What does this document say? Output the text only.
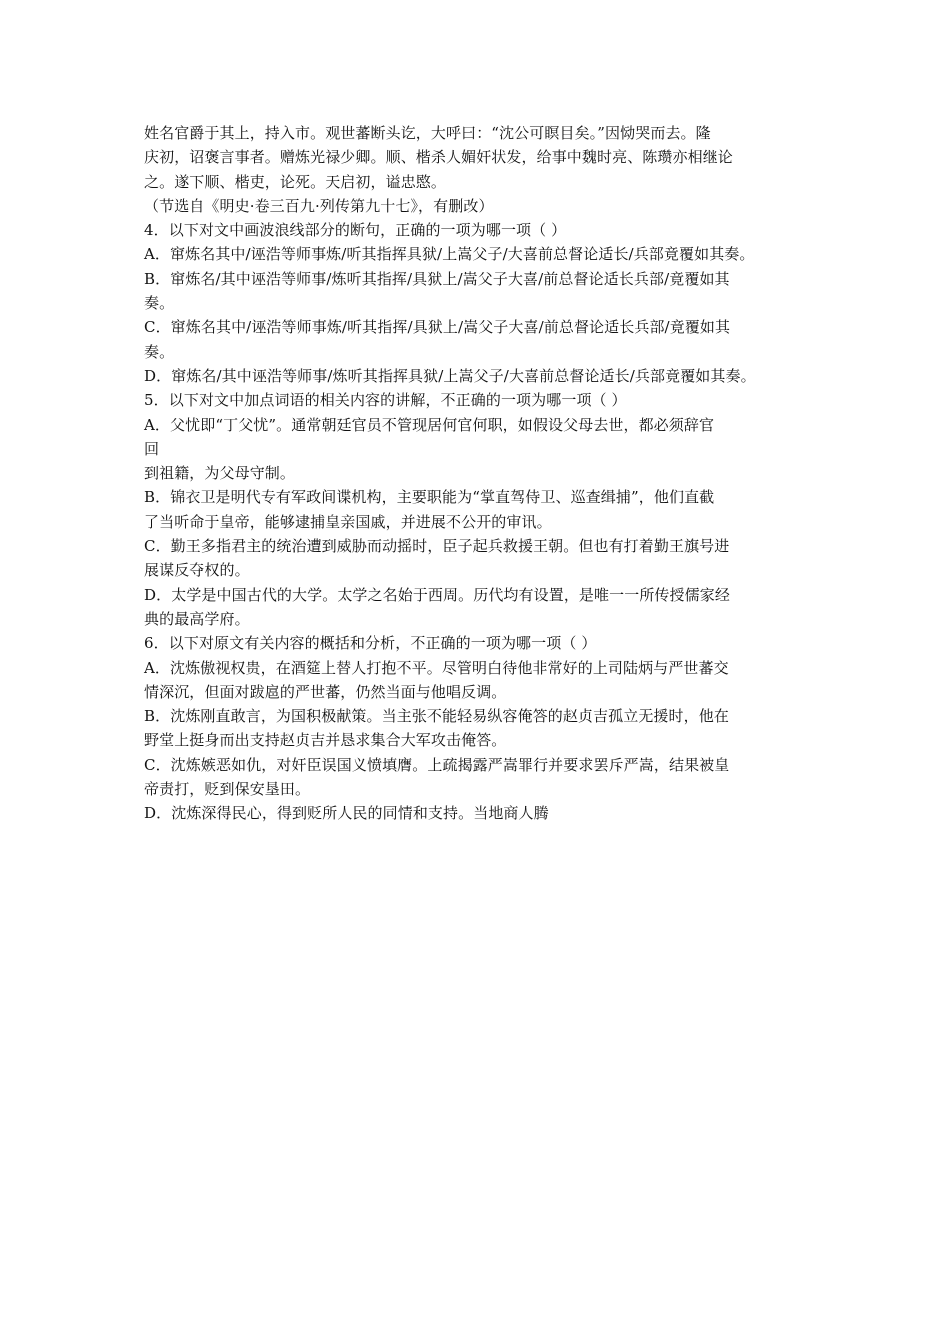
姓名官爵于其上，持入市。观世蕃断头讫，大呼曰：“沈公可瞑目矣。”因恸哭而去。隆
庆初，诏褒言事者。赠炼光禄少卿。顺、楷杀人媚奸状发，给事中魏时亮、陈瓒亦相继论
之。遂下顺、楷吏，论死。天启初，谥忠愍。
（节选自《明史·卷三百九·列传第九十七》，有删改）
4．以下对文中画波浪线部分的断句，正确的一项为哪一项（ ）
A．窜炼名其中/诬浩等师事炼/听其指挥具狱/上嵩父子/大喜前总督论适长/兵部竟覆如其奏。
B．窜炼名/其中诬浩等师事/炼听其指挥/具狱上/嵩父子大喜/前总督论适长兵部/竟覆如其
奏。
C．窜炼名其中/诬浩等师事炼/听其指挥/具狱上/嵩父子大喜/前总督论适长兵部/竟覆如其
奏。
D．窜炼名/其中诬浩等师事/炼听其指挥具狱/上嵩父子/大喜前总督论适长/兵部竟覆如其奏。
5．以下对文中加点词语的相关内容的讲解，不正确的一项为哪一项（ ）
A．父忧即“丁父忧”。通常朝廷官员不管现居何官何职，如假设父母去世，都必须辞官
回
到祖籍，为父母守制。
B．锦衣卫是明代专有军政间谍机构，主要职能为“掌直驾侍卫、巡查缉捕”，他们直截
了当听命于皇帝，能够逮捕皇亲国戚，并进展不公开的审讯。
C．勤王多指君主的统治遭到威胁而动摇时，臣子起兵救援王朝。但也有打着勤王旗号进
展谋反夺权的。
D．太学是中国古代的大学。太学之名始于西周。历代均有设置，是唯一一所传授儒家经
典的最高学府。
6．以下对原文有关内容的概括和分析，不正确的一项为哪一项（ ）
A．沈炼傲视权贵，在酒筵上替人打抱不平。尽管明白待他非常好的上司陆炳与严世蕃交
情深沉，但面对跋扈的严世蕃，仍然当面与他唱反调。
B．沈炼刚直敢言，为国积极献策。当主张不能轻易纵容俺答的赵贞吉孤立无援时，他在
野堂上挺身而出支持赵贞吉并恳求集合大军攻击俺答。
C．沈炼嫉恶如仇，对奸臣误国义愤填膺。上疏揭露严嵩罪行并要求罢斥严嵩，结果被皇
帝责打，贬到保安垦田。
D．沈炼深得民心，得到贬所人民的同情和支持。当地商人腾
